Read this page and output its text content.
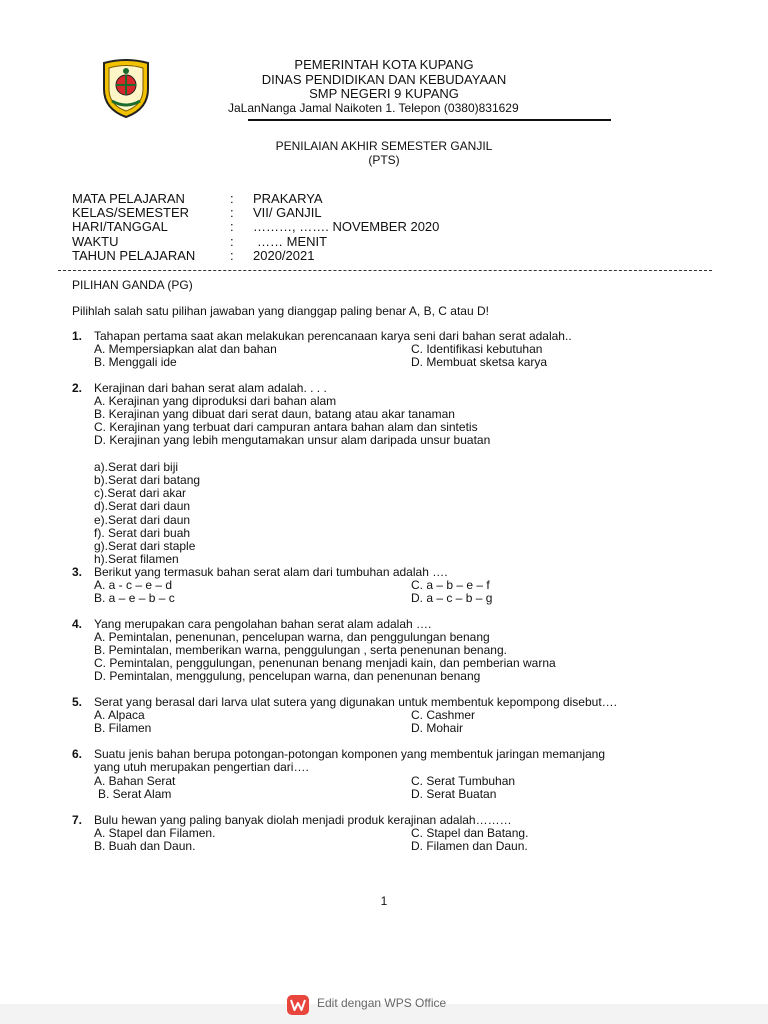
PEMERINTAH KOTA KUPANG
DINAS PENDIDIKAN DAN KEBUDAYAAN
SMP NEGERI 9 KUPANG
JaLanNanga Jamal Naikoten 1. Telepon (0380)831629
PENILAIAN AKHIR SEMESTER GANJIL
(PTS)
MATA PELAJARAN	: PRAKARYA
KELAS/SEMESTER	: VII/ GANJIL
HARI/TANGGAL	: ………, ……. NOVEMBER 2020
WAKTU	: …… MENIT
TAHUN PELAJARAN	: 2020/2021
PILIHAN GANDA (PG)
Pilihlah salah satu pilihan jawaban yang dianggap paling benar A, B, C atau D!
1. Tahapan pertama saat akan melakukan perencanaan karya seni dari bahan serat adalah..
A. Mempersiapkan alat dan bahan
B. Menggali ide
C. Identifikasi kebutuhan
D. Membuat sketsa karya
2. Kerajinan dari bahan serat alam adalah. . . .
A. Kerajinan yang diproduksi dari bahan alam
B. Kerajinan yang dibuat dari serat daun, batang atau akar tanaman
C. Kerajinan yang terbuat dari campuran antara bahan alam dan sintetis
D. Kerajinan yang lebih mengutamakan unsur alam daripada unsur buatan
a).Serat dari biji
b).Serat dari batang
c).Serat dari akar
d).Serat dari daun
e).Serat dari daun
f). Serat dari buah
g).Serat dari staple
h).Serat filamen
3. Berikut yang termasuk bahan serat alam dari tumbuhan adalah ….
A. a - c – e – d
B. a – e – b – c
C. a – b – e – f
D. a – c – b – g
4. Yang merupakan cara pengolahan bahan serat alam adalah ….
A. Pemintalan, penenunan, pencelupan warna, dan penggulungan benang
B. Pemintalan, memberikan warna, penggulungan , serta penenunan benang.
C. Pemintalan, penggulungan, penenunan benang menjadi kain, dan pemberian warna
D. Pemintalan, menggulung, pencelupan warna, dan penenunan benang
5. Serat yang berasal dari larva ulat sutera yang digunakan untuk membentuk kepompong disebut….
A. Alpaca
B. Filamen
C. Cashmer
D. Mohair
6. Suatu jenis bahan berupa potongan-potongan komponen yang membentuk jaringan memanjang
yang utuh merupakan pengertian dari….
A. Bahan Serat
B. Serat Alam
C. Serat Tumbuhan
D. Serat Buatan
7. Bulu hewan yang paling banyak diolah menjadi produk kerajinan adalah………
A. Stapel dan Filamen.
B. Buah dan Daun.
C. Stapel dan Batang.
D. Filamen dan Daun.
1
Edit dengan WPS Office
